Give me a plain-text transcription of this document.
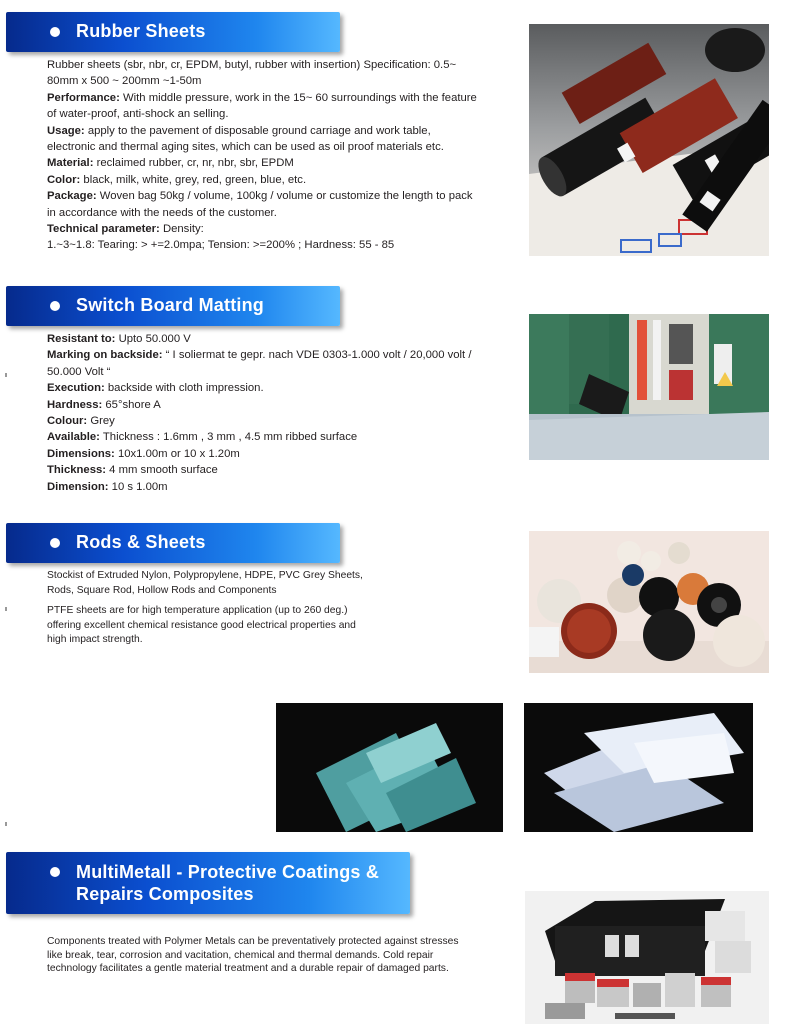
Rubber Sheets

Rubber sheets (sbr, nbr, cr, EPDM, butyl, rubber with insertion) Specification: 0.5~ 80mm x 500 ~ 200mm ~1-50m

Performance: With middle pressure, work in the 15~ 60 surroundings with the feature of water-proof, anti-shock an selling.

Usage: apply to the pavement of disposable ground carriage and work table, electronic and thermal aging sites, which can be used as oil proof materials etc.

Material: reclaimed rubber, cr, nr, nbr, sbr, EPDM

Color: black, milk, white, grey, red, green, blue, etc.

Package: Woven bag 50kg / volume, 100kg / volume or customize the length to pack in accordance with the needs of the customer.

Technical parameter: Density:

1.~3~1.8: Tearing: > +=2.0mpa; Tension: >=200% ; Hardness: 55 - 85

Switch Board Matting

Resistant to: Upto 50.000 V

Marking on backside: “ I soliermat te gepr. nach VDE 0303-1.000 volt / 20,000 volt / 50.000 Volt “

Execution: backside with cloth impression.

Hardness: 65°shore A

Colour: Grey

Available: Thickness : 1.6mm , 3 mm , 4.5 mm ribbed surface

Dimensions: 10x1.00m or 10 x 1.20m

Thickness: 4 mm smooth surface

Dimension: 10 s 1.00m

Rods & Sheets

Stockist of Extruded Nylon, Polypropylene, HDPE, PVC Grey Sheets, Rods, Square Rod, Hollow Rods and Components

PTFE sheets are for high temperature application (up to 260 deg.) offering excellent chemical resistance good electrical properties and high impact strength.

MultiMetall - Protective Coatings &
Repairs Composites

Components treated with Polymer Metals can be preventatively protected against stresses like break, tear, corrosion and vacitation, chemical and thermal demands. Cold repair technology facilitates a gentle material treatment and a durable repair of damaged parts.
